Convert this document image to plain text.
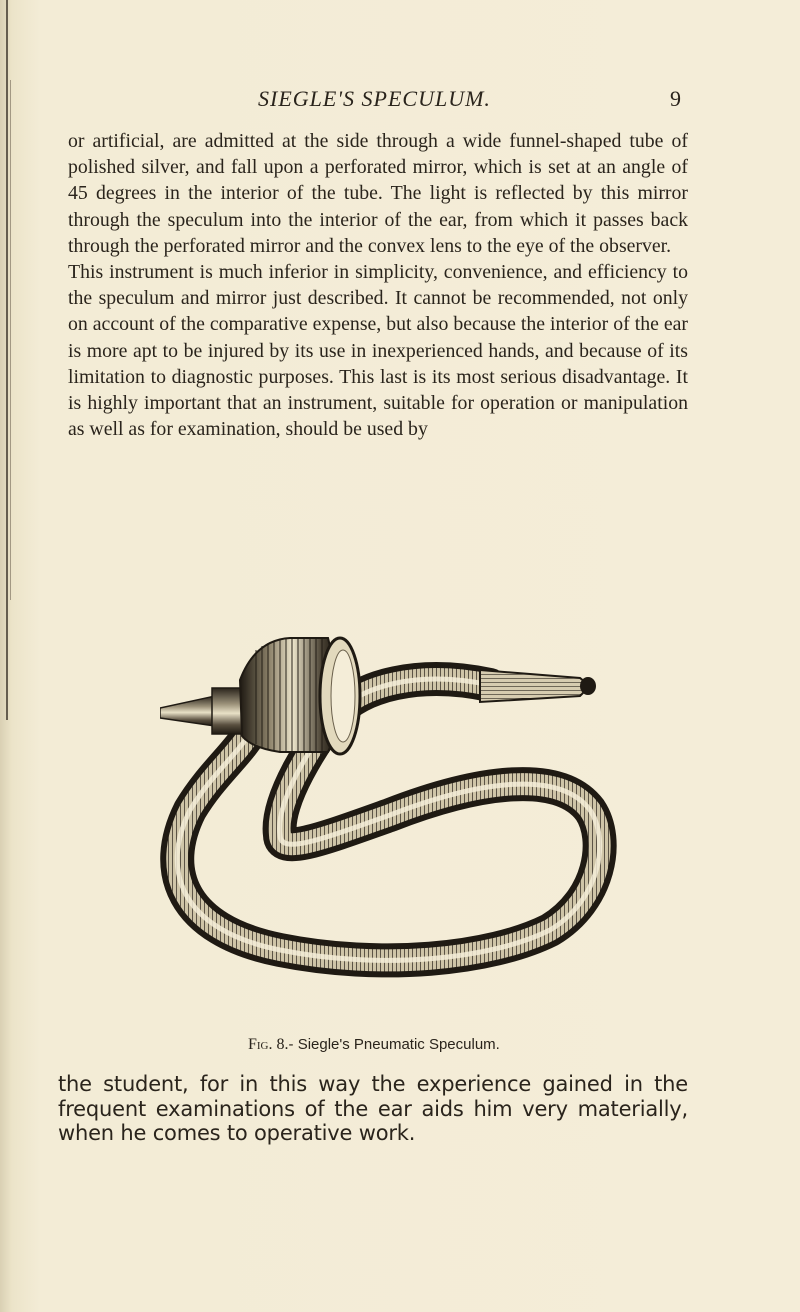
SIEGLE'S SPECULUM.	9

or artificial, are admitted at the side through a wide funnel-shaped tube of polished silver, and fall upon a perforated mirror, which is set at an angle of 45 degrees in the interior of the tube. The light is reflected by this mirror through the speculum into the interior of the ear, from which it passes back through the perforated mirror and the convex lens to the eye of the observer.

This instrument is much inferior in simplicity, convenience, and efficiency to the speculum and mirror just described. It cannot be recommended, not only on account of the comparative expense, but also because the interior of the ear is more apt to be injured by its use in inexperienced hands, and because of its limitation to diagnostic purposes. This last is its most serious disadvantage. It is highly important that an instrument, suitable for operation or manipulation as well as for examination, should be used by

Fig. 8.- Siegle's Pneumatic Speculum.
the student, for in this way the experience gained in the frequent examinations of the ear aids him very materially, when he comes to operative work.
